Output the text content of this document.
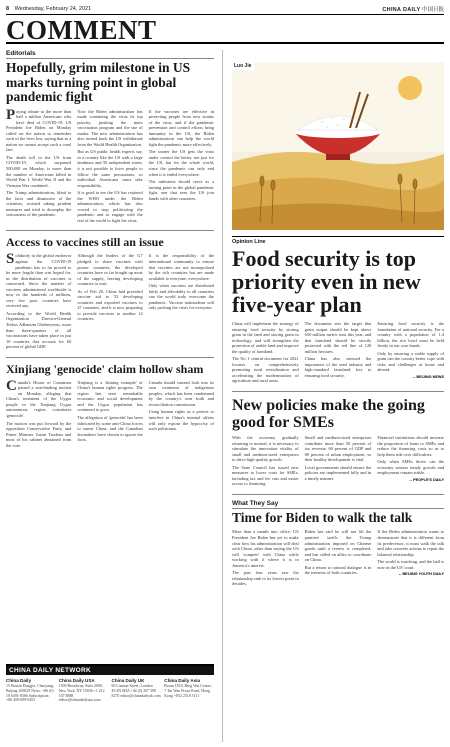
8 Wednesday, February 24, 2021	CHINA DAILY 中国日报
COMMENT
Editorials
Hopefully, grim milestone in US marks turning point in global pandemic fight

Paying tribute to the more than half a million Americans who have died of COVID-19, US President Joe Biden on Monday called on the nation to remember each of the lives lost, saying that as a nation we cannot accept such a cruel fate.

The death toll in the US from COVID-19, which surpassed 500,000 on Monday, is more than the number of Americans killed in World War I, World War II and the Vietnam War combined.

The Trump administration, blind to the facts and dismissive of the scientists, resisted taking prudent measures and tried to downplay the seriousness of the pandemic.

Now the Biden administration has made containing the virus its top priority, pushing the mass vaccination program and the use of masks. The new administration has also turned back the US withdrawal from the World Health Organization.

But as US public health experts say, in a country like the US with a large landmass and 50 independent states, it is not possible to force people to follow the same precautions, so individual Americans must take responsibility.

It is good to see the US has rejoined the WHO under the Biden administration, which has also vowed to stop politicizing the pandemic and to engage with the rest of the world to fight the virus.

If the vaccines are effective in protecting people from new strains of the virus, and if the pandemic prevention and control efforts bring immunity in the US, the Biden administration can help the world fight the pandemic more effectively.

The sooner the US gets the virus under control the better, not just for the US, but for the whole world, since the pandemic can only end when it is ended everywhere.

The milestone should serve as a turning point in the global pandemic fight, one that sees the US join hands with other countries.

Access to vaccines still an issue

Solidarity in the global endeavor against the COVID-19 pandemic has so far proved to be more fragile than was hoped for, as the distribution of vaccines is concerned. Since the number of vaccines administered worldwide is now in the hundreds of millions, very few poor countries have received any.

According to the World Health Organization Director-General Tedros Adhanom Ghebreyesus, more than three-quarters of all vaccinations have taken place in just 10 countries that account for 60 percent of global GDP.

Although the leaders of the G7 pledged to share vaccines with poorer countries, the developed countries have so far bought up most of the supply, leaving developing countries to wait.

As of Feb 20, China had provided vaccine aid to 53 developing countries and exported vaccines to 27 countries, and it is now preparing to provide vaccines to another 14 countries.

It is the responsibility of the international community to ensure that vaccines are not monopolized by the rich countries but are made available to everyone, everywhere.

Only when vaccines are distributed fairly and affordably to all countries can the world truly overcome the pandemic. Vaccine nationalism will only prolong the crisis for everyone.

Xinjiang 'genocide' claim hollow sham

Canada's House of Commons passed a non-binding motion on Monday, alleging that China's treatment of the Uygur people in the Xinjiang Uygur autonomous region constitutes 'genocide'.

The motion was put forward by the opposition Conservative Party, and Prime Minister Justin Trudeau and most of his cabinet abstained from the vote.

Xinjiang is a 'shining example' of China's human rights progress. The region has seen remarkable economic and social development and the Uygur population has continued to grow.

The allegation of 'genocide' has been fabricated by some anti-China forces to smear China, and the Canadian lawmakers have chosen to ignore the facts.

Canada should instead look into its own treatment of indigenous peoples, which has been condemned by the country's own truth and reconciliation commission.

Using human rights as a pretext to interfere in China's internal affairs will only expose the hypocrisy of such politicians.

CHINA DAILY NETWORK
China Daily
15 Huixin Dongjie, Chaoyang, Beijing 100029 News: +86 (0) 10 6491-8366 Subscription: +86 400-699-0203
China Daily USA
1500 Broadway, Suite 2800, New York, NY 10036 +1 212 537 8888 editor@chinadailyusa.com
China Daily UK
90 Cannon Street, London EC4N 6HA +44 (0) 207 398 8270 editor@chinadailyuk.com
China Daily Asia
Room 1818, Hing Wai Centre, 7 Tin Wan Praya Road, Hong Kong +852 2518 5111
Luo Jie
Opinion Line
Food security is top priority even in new five-year plan

China will implement the strategy of ensuring food security by storing grain in the land and storing grain in technology, and will strengthen the protection of arable land and improve the quality of farmland.

The No 1 central document for 2021 focuses on comprehensively promoting rural revitalization and accelerating the modernization of agriculture and rural areas.

The document sets the target that grain output should be kept above 650 million metric tons this year, and that farmland should be strictly protected with the red line of 120 million hectares.

China has also stressed the importance of the seed industry and high-standard farmland, key to ensuring food security.

Ensuring food security is the foundation of national security. For a country with a population of 1.4 billion, the rice bowl must be held firmly in our own hands.

Only by ensuring a stable supply of grain can the country better cope with risks and challenges at home and abroad.

-- BEIJING NEWS
New policies make the going good for SMEs

With the economy gradually returning to normal, it is necessary to stimulate the innovation vitality of small and medium-sized enterprises to drive high-quality growth.

The State Council has issued new measures to lower costs for SMEs, including tax and fee cuts and easier access to financing.

Small and medium-sized enterprises contribute more than 50 percent of tax revenue, 60 percent of GDP and 80 percent of urban employment, so their healthy development is vital.

Local governments should ensure the policies are implemented fully and in a timely manner.

Financial institutions should increase the proportion of loans to SMEs and reduce the financing costs so as to help them tide over difficulties.

Only when SMEs thrive can the economy sustain steady growth and employment remain stable.

-- PEOPLE'S DAILY
What They Say
Time for Biden to walk the talk

More than a month into office, US President Joe Biden has yet to make clear how his administration will deal with China, other than saying the US will 'compete' with China while working with it where it is in America's interest.

The past four years saw the relationship sink to its lowest point in decades.

Biden has said he will not lift the punitive tariffs the Trump administration imposed on Chinese goods until a review is completed, and has called on allies to coordinate on China.

But a return to rational dialogue is in the interests of both countries.

If the Biden administration wants to demonstrate that it is different from its predecessor, it must walk the talk and take concrete actions to repair the bilateral relationship.

The world is watching, and the ball is now in the US' court.

-- BEIJING YOUTH DAILY
